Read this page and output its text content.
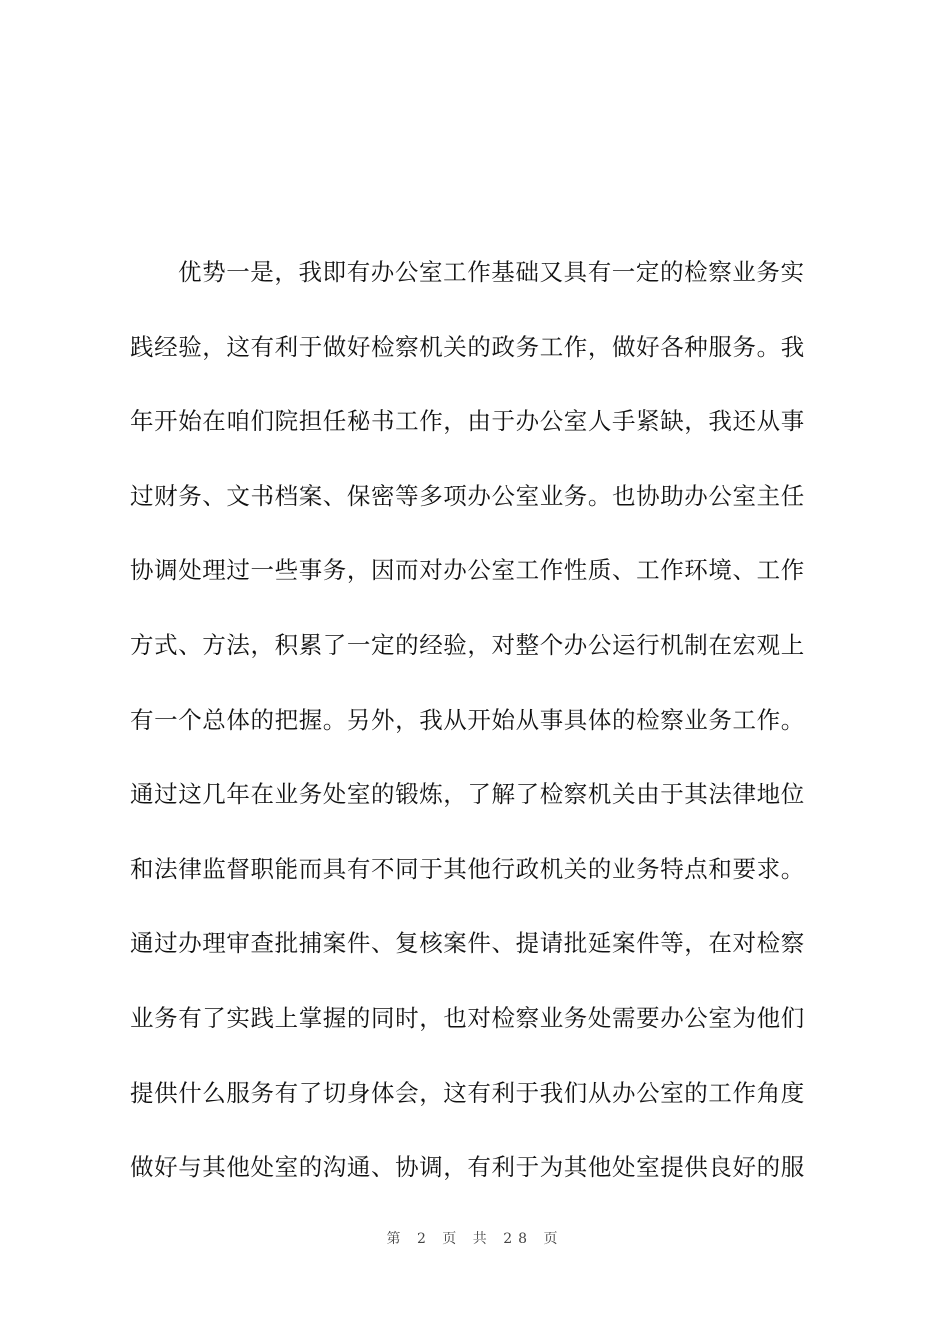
优势一是，我即有办公室工作基础又具有一定的检察业务实
践经验，这有利于做好检察机关的政务工作，做好各种服务。我
年开始在咱们院担任秘书工作，由于办公室人手紧缺，我还从事
过财务、文书档案、保密等多项办公室业务。也协助办公室主任
协调处理过一些事务，因而对办公室工作性质、工作环境、工作
方式、方法，积累了一定的经验，对整个办公运行机制在宏观上
有一个总体的把握。另外，我从开始从事具体的检察业务工作。
通过这几年在业务处室的锻炼，了解了检察机关由于其法律地位
和法律监督职能而具有不同于其他行政机关的业务特点和要求。
通过办理审查批捕案件、复核案件、提请批延案件等，在对检察
业务有了实践上掌握的同时，也对检察业务处需要办公室为他们
提供什么服务有了切身体会，这有利于我们从办公室的工作角度
做好与其他处室的沟通、协调，有利于为其他处室提供良好的服
第 2 页 共 28 页
